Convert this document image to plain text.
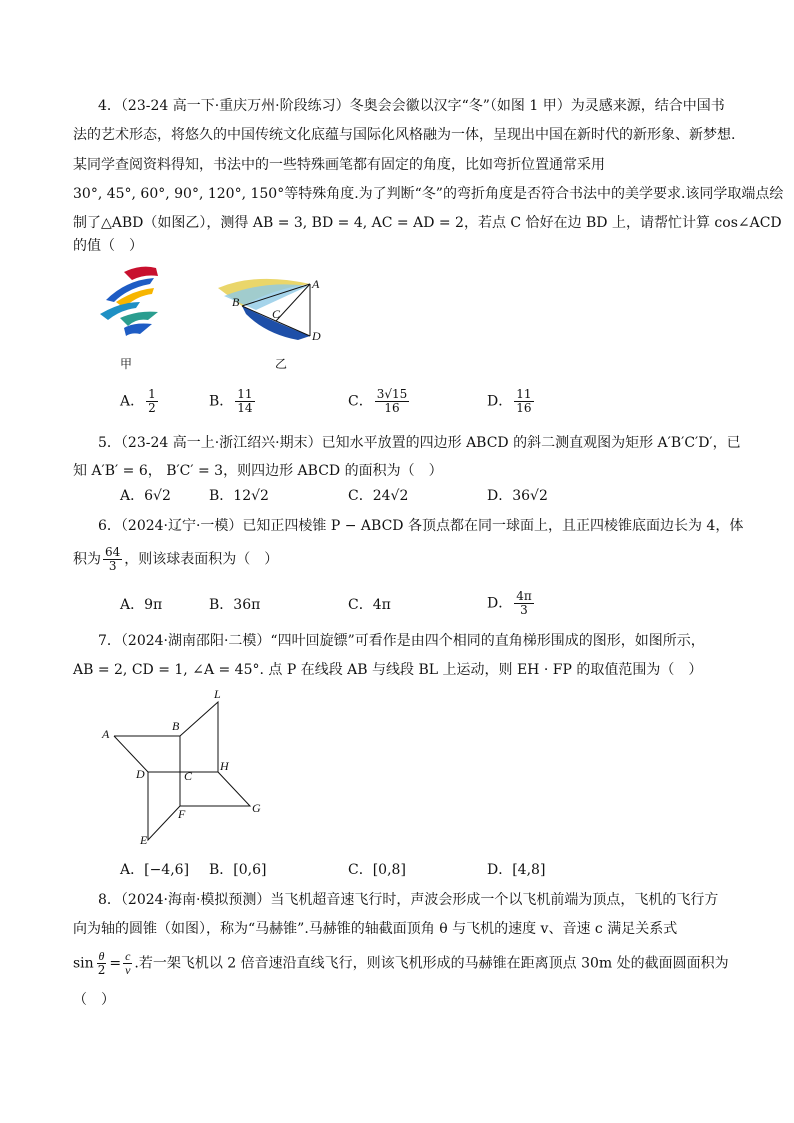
4．（23-24 高一下·重庆万州·阶段练习）冬奥会会徽以汉字“冬”（如图 1 甲）为灵感来源，结合中国书
法的艺术形态，将悠久的中国传统文化底蕴与国际化风格融为一体，呈现出中国在新时代的新形象、新梦想.
某同学查阅资料得知，书法中的一些特殊画笔都有固定的角度，比如弯折位置通常采用
30°, 45°, 60°, 90°, 120°, 150°等特殊角度.为了判断“冬”的弯折角度是否符合书法中的美学要求.该同学取端点绘
制了△ABD（如图乙），测得 AB = 3, BD = 4, AC = AD = 2，若点 C 恰好在边 BD 上，请帮忙计算 cos∠ACD
的值（　）
甲
A
B
C
D
乙
A． $\frac{1}{2}$	B． $\frac{11}{14}$	C． $\frac{3√15}{16}$	D． $\frac{11}{16}$
5．（23-24 高一上·浙江绍兴·期末）已知水平放置的四边形 ABCD 的斜二测直观图为矩形 A′B′C′D′，已
知 A′B′ = 6， B′C′ = 3，则四边形 ABCD 的面积为（　）
A．6√2	B．12√2	C．24√2	D．36√2
6．（2024·辽宁·一模）已知正四棱锥 P − ABCD 各顶点都在同一球面上，且正四棱锥底面边长为 4，体
积为 $\frac{64}{3}$ ，则该球表面积为（　）
A．9π	B．36π	C．4π	D． $\frac{4\pi}{3}$
7．（2024·湖南邵阳·二模）“四叶回旋镖”可看作是由四个相同的直角梯形围成的图形，如图所示，
AB = 2, CD = 1, ∠A = 45°. 点 P 在线段 AB 与线段 BL 上运动，则 EH · FP 的取值范围为（　）
A
B
L
D	C
H
F	G
E
A．[−4,6] B．[0,6]	C．[0,8]	D．[4,8]
8．（2024·海南·模拟预测）当飞机超音速飞行时，声波会形成一个以飞机前端为顶点，飞机的飞行方
向为轴的圆锥（如图），称为“马赫锥”.马赫锥的轴截面顶角 θ 与飞机的速度 v、音速 c 满足关系式
$\sin \frac{\theta}{2} = \frac{c}{v}$ .若一架飞机以 2 倍音速沿直线飞行，则该飞机形成的马赫锥在距离顶点 30m 处的截面圆面积为
（　）
